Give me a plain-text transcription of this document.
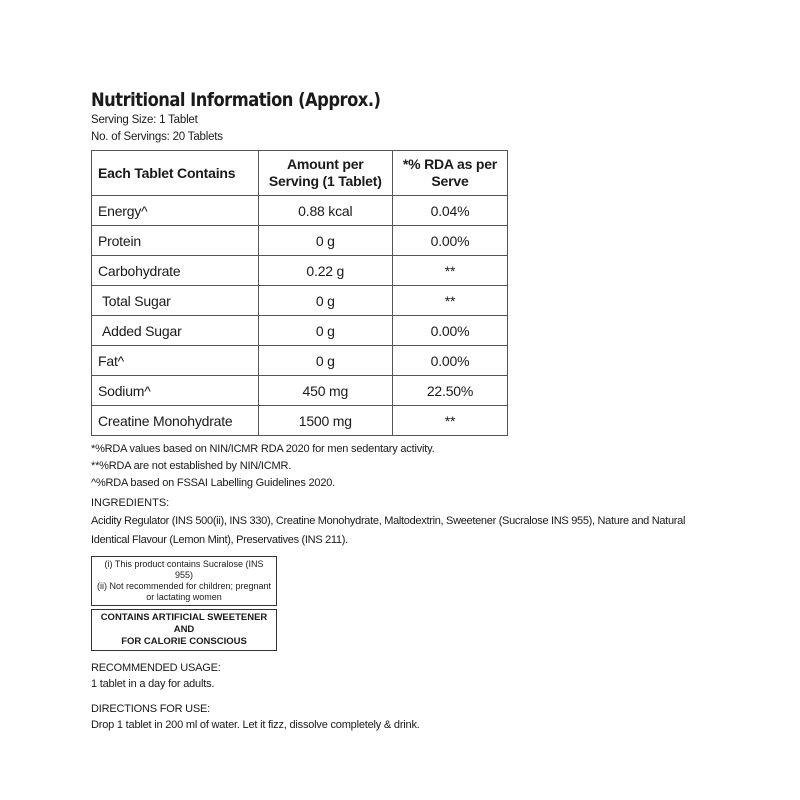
Nutritional Information (Approx.)
Serving Size: 1 Tablet
No. of Servings: 20 Tablets
Each Tablet Contains	Amount per Serving (1 Tablet)	*% RDA as per Serve
Energy^	0.88 kcal	0.04%
Protein	0 g	0.00%
Carbohydrate	0.22 g	**
Total Sugar	0 g	**
Added Sugar	0 g	0.00%
Fat^	0 g	0.00%
Sodium^	450 mg	22.50%
Creatine Monohydrate	1500 mg	**
*%RDA values based on NIN/ICMR RDA 2020 for men sedentary activity.
**%RDA are not established by NIN/ICMR.
^%RDA based on FSSAI Labelling Guidelines 2020.
INGREDIENTS:
Acidity Regulator (INS 500(ii), INS 330), Creatine Monohydrate, Maltodextrin, Sweetener (Sucralose INS 955), Nature and Natural Identical Flavour (Lemon Mint), Preservatives (INS 211).
(i) This product contains Sucralose (INS 955)
(ii) Not recommended for children; pregnant or lactating women
CONTAINS ARTIFICIAL SWEETENER AND
FOR CALORIE CONSCIOUS
RECOMMENDED USAGE:
1 tablet in a day for adults.
DIRECTIONS FOR USE:
Drop 1 tablet in 200 ml of water. Let it fizz, dissolve completely & drink.
